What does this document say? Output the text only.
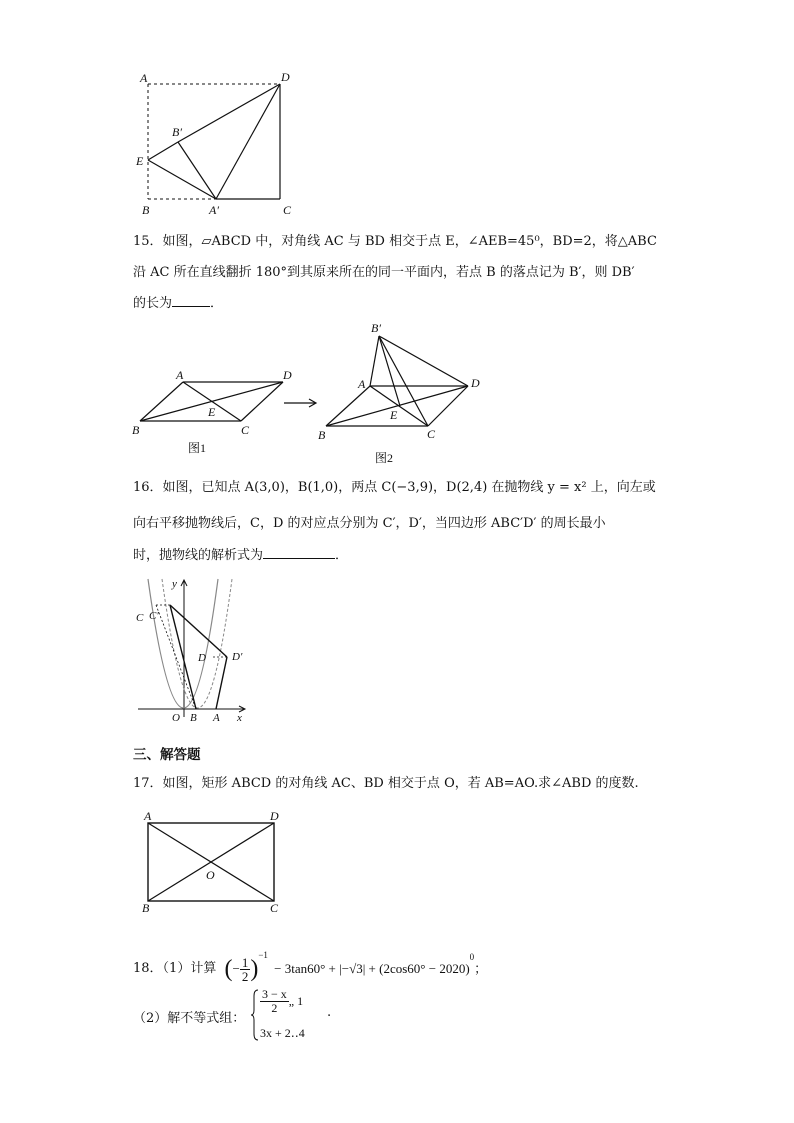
A	D
B′
E
B	A′	C
15．如图，▱ABCD 中，对角线 AC 与 BD 相交于点 E，∠AEB=45⁰，BD=2，将△ABC
沿 AC 所在直线翻折 180°到其原来所在的同一平面内，若点 B 的落点记为 B′，则 DB′
的长为	．
A	D
E
B	C
图1
B′
A	D
E
B	C
图2
16．如图，已知点 A(3,0)，B(1,0)，两点 C(−3,9)，D(2,4) 在抛物线 y = x² 上，向左或
向右平移抛物线后，C，D 的对应点分别为 C′，D′，当四边形 ABC′D′ 的周长最小
时，抛物线的解析式为	．
y
C C′
D D′
O B A x
三、解答题
17．如图，矩形 ABCD 的对角线 AC、BD 相交于点 O，若 AB=AO.求∠ABD 的度数.
A	D
O
B	C
18．（1）计算 (− $\frac{1}{2} )^{-1} - 3\tan 60^\circ + |-√3| + (2\cos 60^\circ - 2020)^0$；
（2）解不等式组：
$\frac{3 - x}{2}$ „ 1
3x + 2‥4
.
